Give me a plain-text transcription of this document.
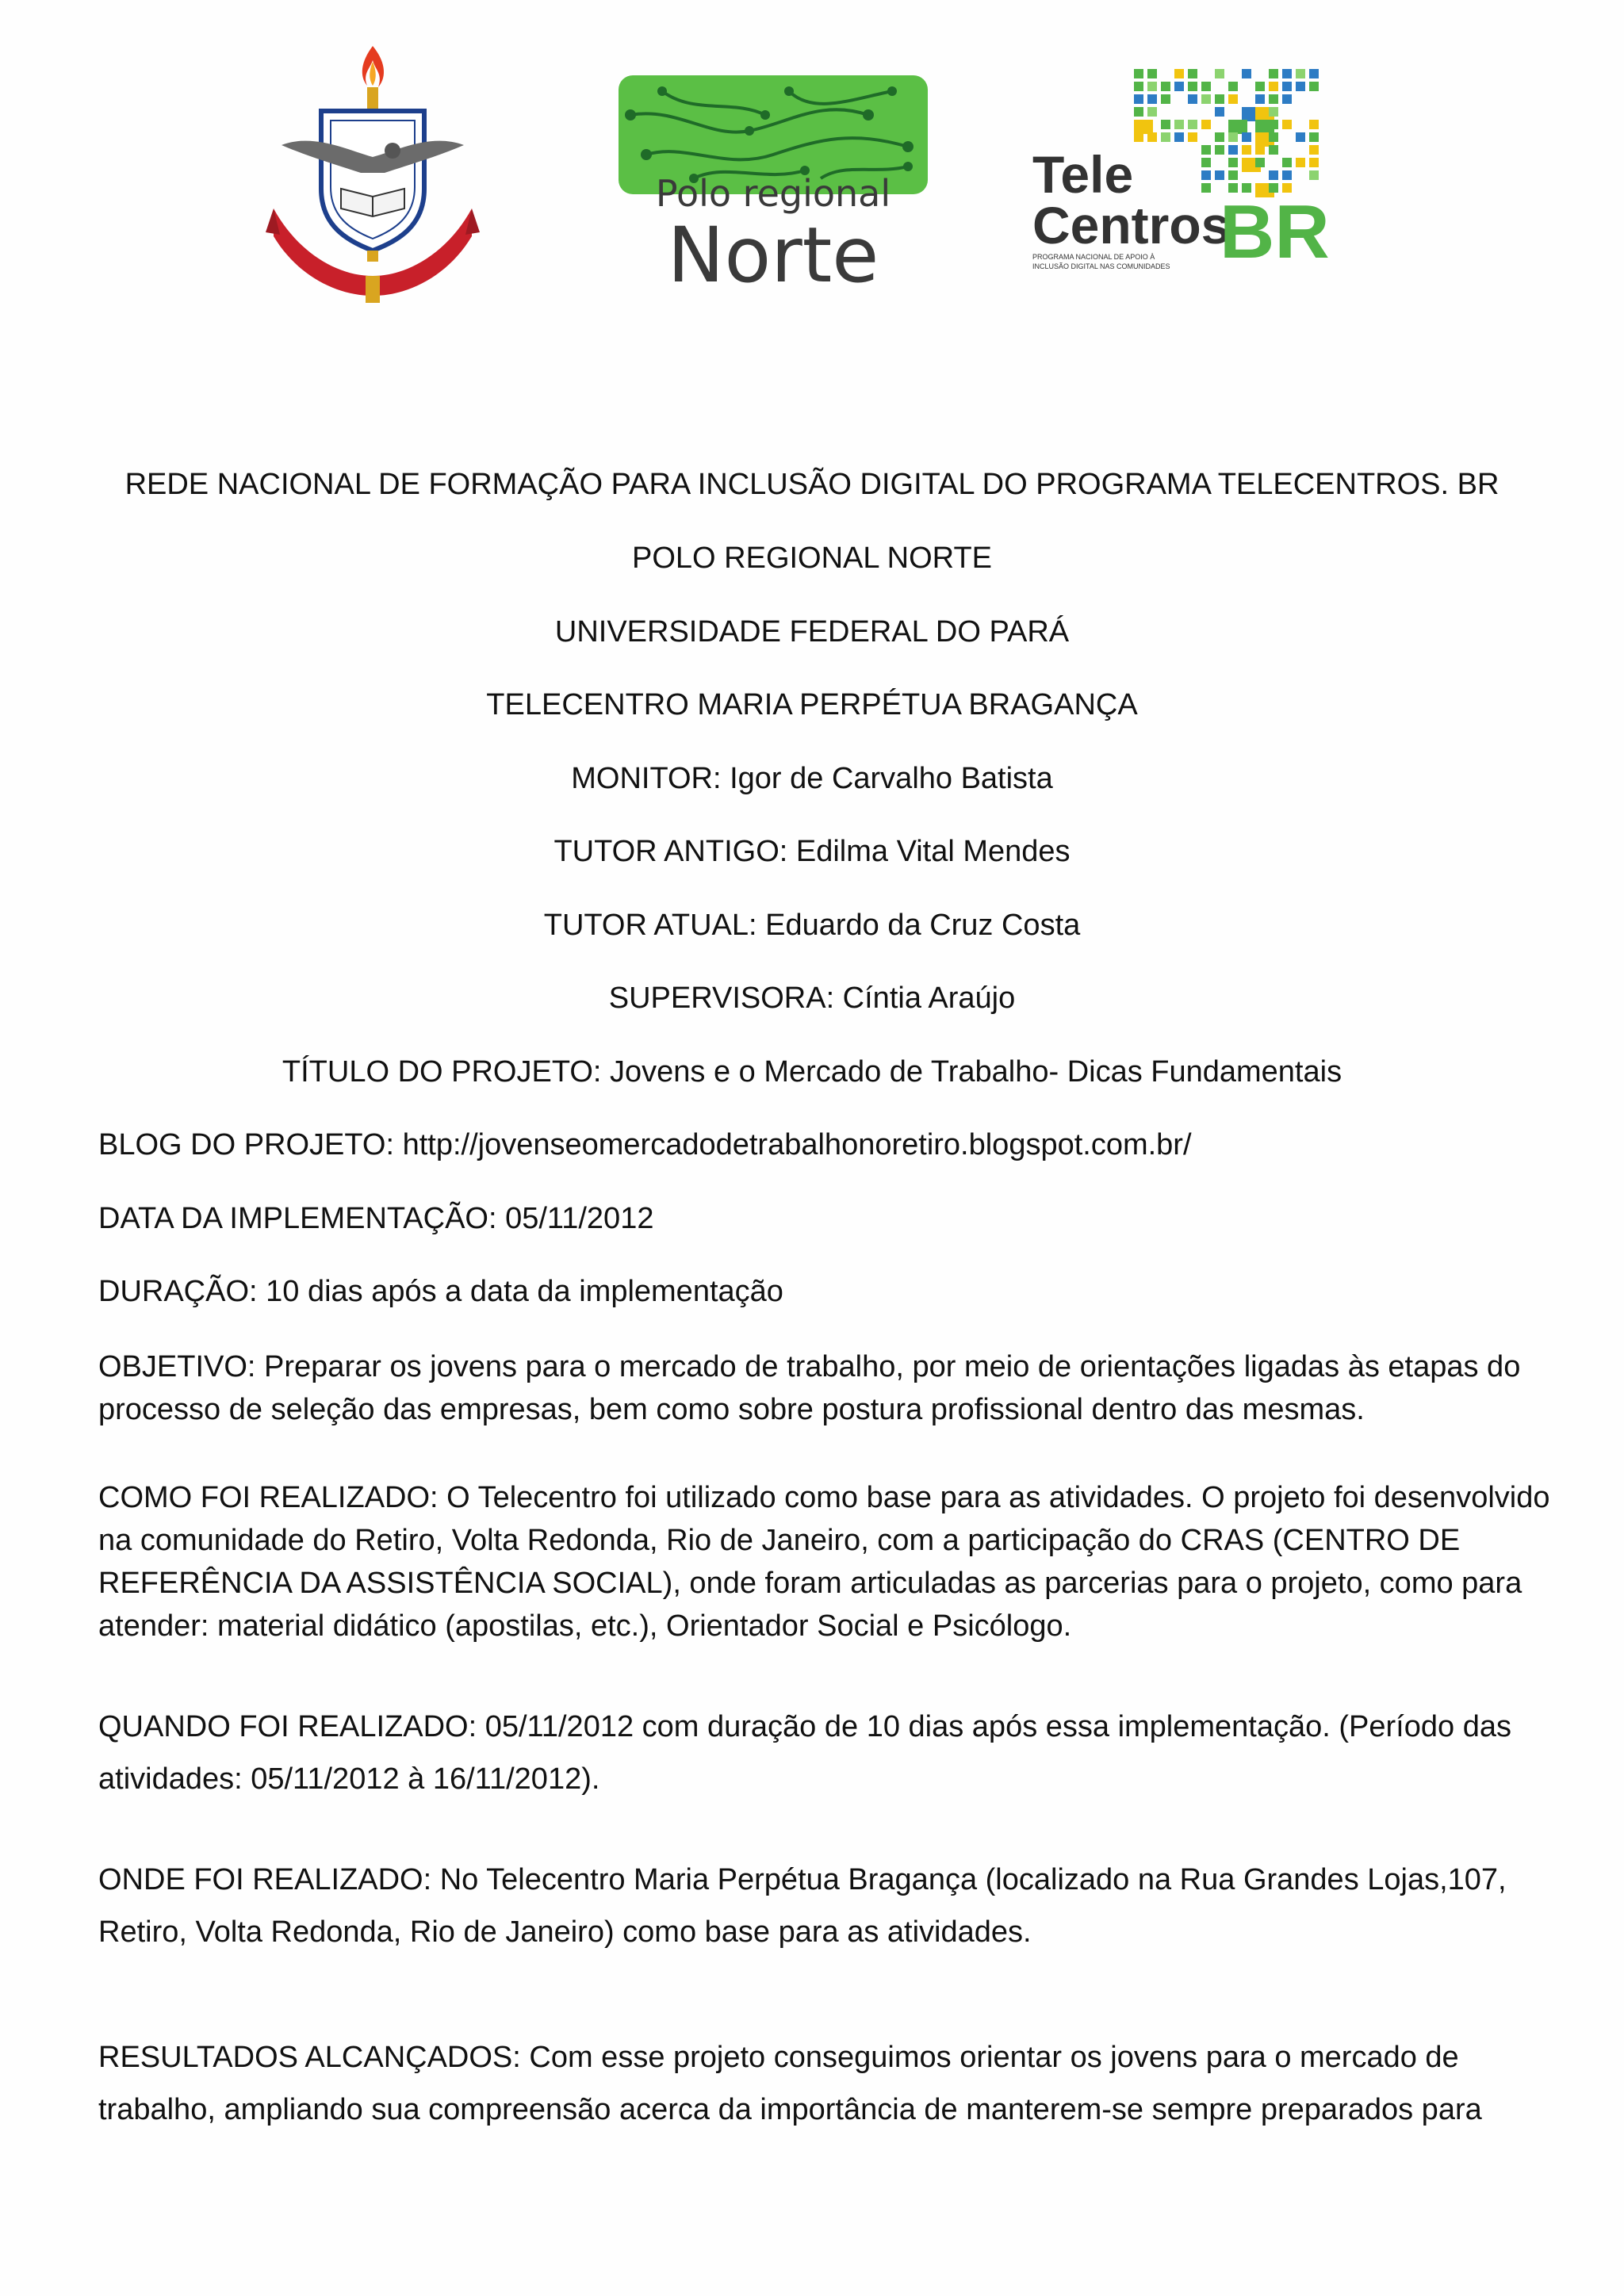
Polo regional
Norte
Tele
Centros
BR
PROGRAMA NACIONAL DE APOIO À
INCLUSÃO DIGITAL NAS COMUNIDADES
REDE NACIONAL DE FORMAÇÃO PARA INCLUSÃO DIGITAL DO PROGRAMA TELECENTROS. BR
POLO REGIONAL NORTE
UNIVERSIDADE FEDERAL DO PARÁ
TELECENTRO MARIA PERPÉTUA BRAGANÇA
MONITOR: Igor de Carvalho Batista
TUTOR ANTIGO: Edilma Vital Mendes
TUTOR ATUAL: Eduardo da Cruz Costa
SUPERVISORA: Cíntia Araújo
TÍTULO DO PROJETO: Jovens e o Mercado de Trabalho- Dicas Fundamentais
BLOG DO PROJETO: http://jovenseomercadodetrabalhonoretiro.blogspot.com.br/
DATA DA IMPLEMENTAÇÃO: 05/11/2012
DURAÇÃO: 10 dias após a data da implementação
OBJETIVO: Preparar os jovens para o mercado de trabalho, por meio de orientações ligadas às etapas do
processo de seleção das empresas, bem como sobre postura profissional dentro das mesmas.
COMO FOI REALIZADO: O Telecentro foi utilizado como base para as atividades. O projeto foi desenvolvido
na comunidade do Retiro, Volta Redonda, Rio de Janeiro, com a participação do CRAS (CENTRO DE
REFERÊNCIA DA ASSISTÊNCIA SOCIAL), onde foram articuladas as parcerias para o projeto, como para
atender: material didático (apostilas, etc.), Orientador Social e Psicólogo.
QUANDO FOI REALIZADO: 05/11/2012 com duração de 10 dias após essa implementação. (Período das
atividades: 05/11/2012 à 16/11/2012).
ONDE FOI REALIZADO: No Telecentro Maria Perpétua Bragança (localizado na Rua Grandes Lojas,107,
Retiro, Volta Redonda, Rio de Janeiro) como base para as atividades.
RESULTADOS ALCANÇADOS: Com esse projeto conseguimos orientar os jovens para o mercado de
trabalho, ampliando sua compreensão acerca da importância de manterem-se sempre preparados para
